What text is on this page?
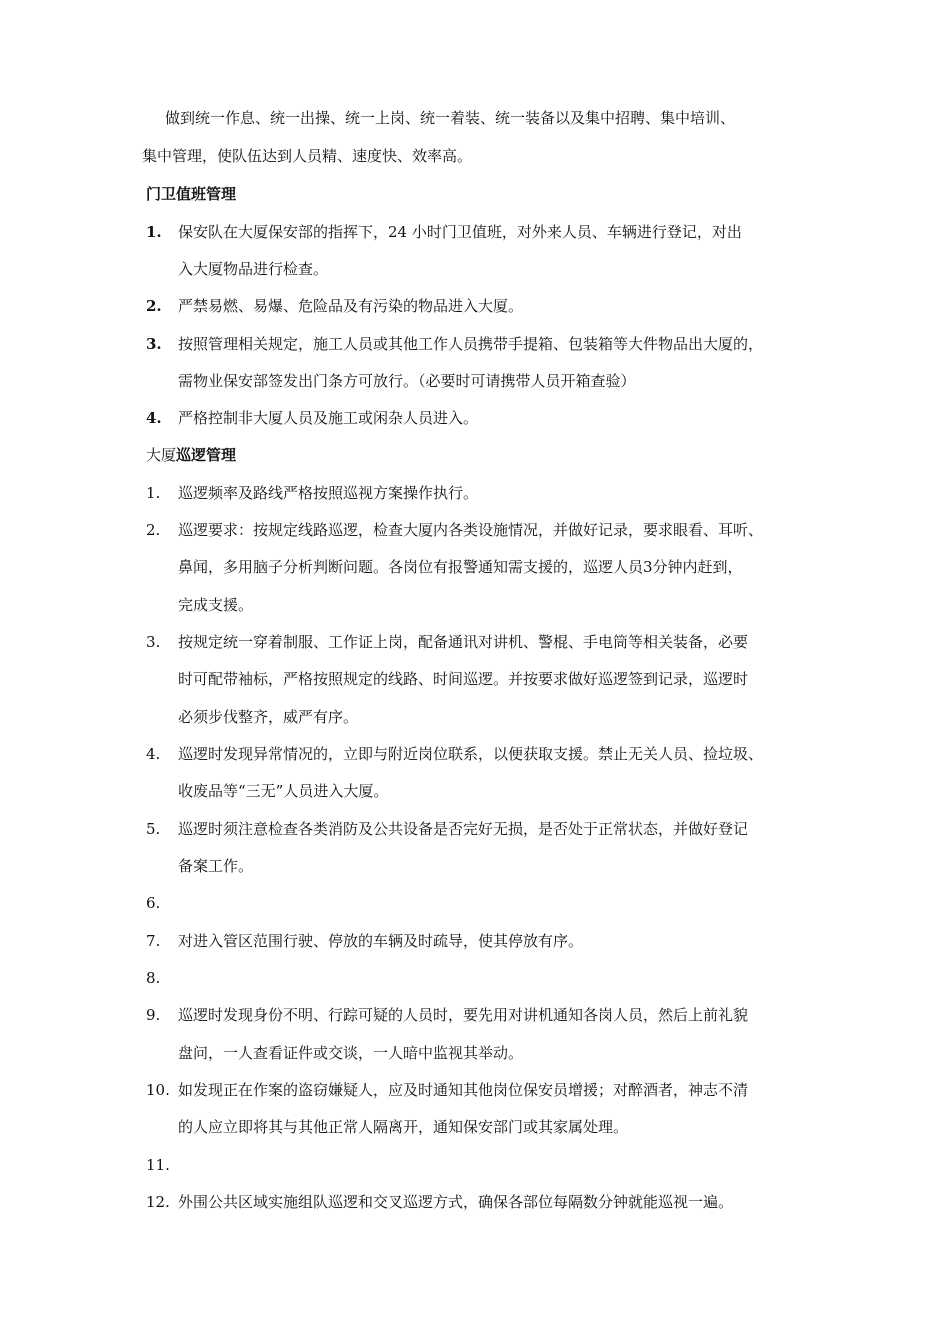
做到统一作息、统一出操、统一上岗、统一着装、统一装备以及集中招聘、集中培训、
集中管理，使队伍达到人员精、速度快、效率高。
门卫值班管理
1. 保安队在大厦保安部的指挥下，24 小时门卫值班，对外来人员、车辆进行登记，对出
入大厦物品进行检查。
2. 严禁易燃、易爆、危险品及有污染的物品进入大厦。
3. 按照管理相关规定，施工人员或其他工作人员携带手提箱、包装箱等大件物品出大厦的，
需物业保安部签发出门条方可放行。（必要时可请携带人员开箱查验）
4. 严格控制非大厦人员及施工或闲杂人员进入。
大厦巡逻管理
1. 巡逻频率及路线严格按照巡视方案操作执行。
2. 巡逻要求：按规定线路巡逻，检查大厦内各类设施情况，并做好记录，要求眼看、耳听、
鼻闻，多用脑子分析判断问题。各岗位有报警通知需支援的，巡逻人员3分钟内赶到，
完成支援。
3. 按规定统一穿着制服、工作证上岗，配备通讯对讲机、警棍、手电筒等相关装备，必要
时可配带袖标，严格按照规定的线路、时间巡逻。并按要求做好巡逻签到记录，巡逻时
必须步伐整齐，威严有序。
4. 巡逻时发现异常情况的，立即与附近岗位联系，以便获取支援。禁止无关人员、捡垃圾、
收废品等“三无”人员进入大厦。
5. 巡逻时须注意检查各类消防及公共设备是否完好无损，是否处于正常状态，并做好登记
备案工作。
6.
7. 对进入管区范围行驶、停放的车辆及时疏导，使其停放有序。
8.
9. 巡逻时发现身份不明、行踪可疑的人员时，要先用对讲机通知各岗人员，然后上前礼貌
盘问，一人查看证件或交谈，一人暗中监视其举动。
10. 如发现正在作案的盗窃嫌疑人，应及时通知其他岗位保安员增援；对醉酒者，神志不清
的人应立即将其与其他正常人隔离开，通知保安部门或其家属处理。
11.
12. 外围公共区域实施组队巡逻和交叉巡逻方式，确保各部位每隔数分钟就能巡视一遍。
